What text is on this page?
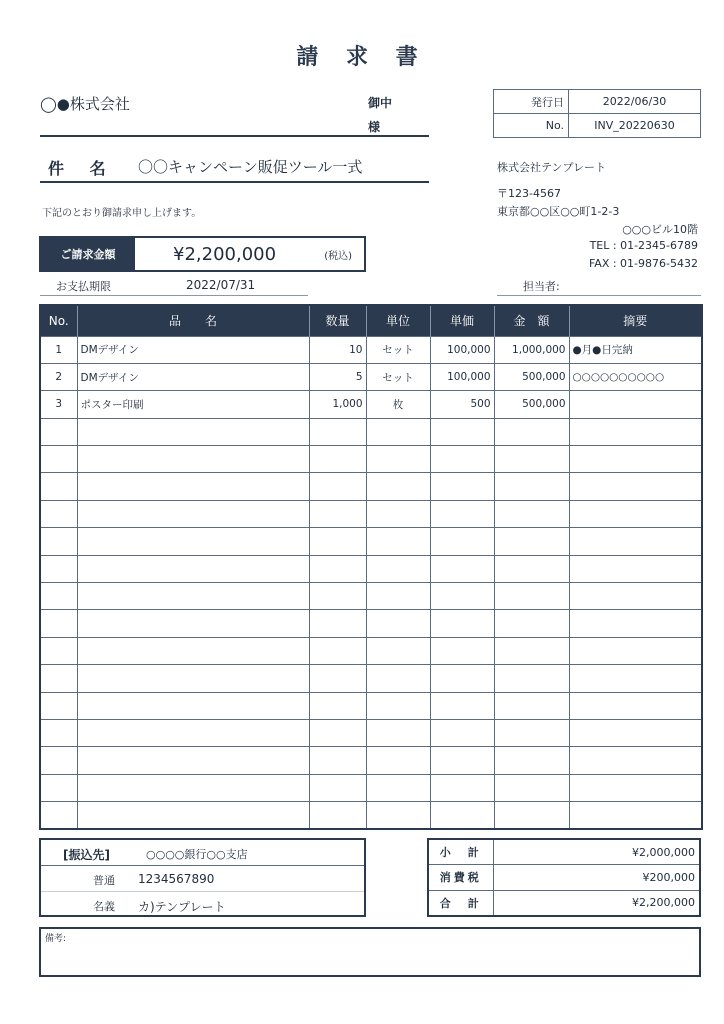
請 求 書
◯●株式会社	御中
様
発行日	2022/06/30
No.	INV_20220630
件 名 〇〇キャンペーン販促ツール一式
下記のとおり御請求申し上げます。
株式会社テンプレート
〒123-4567
東京都○○区○○町1-2-3
○○○ビル10階
TEL : 01-2345-6789
FAX : 01-9876-5432
ご請求金額	¥2,200,000	(税込)
お支払期限	2022/07/31	担当者:
No.	品　　名	数量	単位	単価	金　額	摘要
1	DMデザイン	10	セット	100,000	1,000,000	●月●日完納
2	DMデザイン	5	セット	100,000	500,000	○○○○○○○○○○
3	ポスター印刷	1,000	枚	500	500,000	

[振込先]	○○○○銀行○○支店
普通 1234567890
名義 カ)テンプレート
小　計	¥2,000,000
消費税	¥200,000
合　計	¥2,200,000
備考:
